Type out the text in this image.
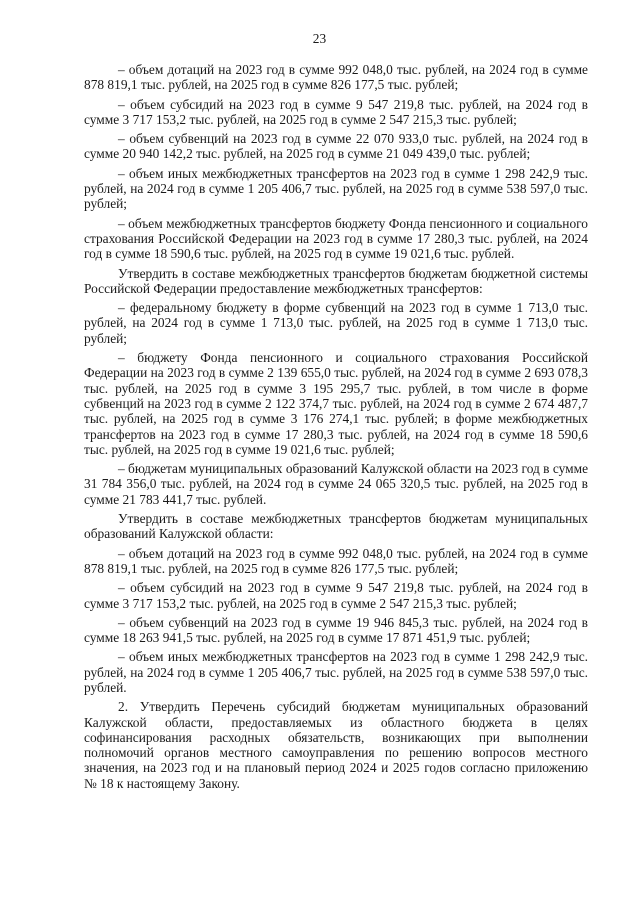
23

– объем дотаций на 2023 год в сумме 992 048,0 тыс. рублей, на 2024 год в сумме 878 819,1 тыс. рублей, на 2025 год в сумме 826 177,5 тыс. рублей;

– объем субсидий на 2023 год в сумме 9 547 219,8 тыс. рублей, на 2024 год в сумме 3 717 153,2 тыс. рублей, на 2025 год в сумме 2 547 215,3 тыс. рублей;

– объем субвенций на 2023 год в сумме 22 070 933,0 тыс. рублей, на 2024 год в сумме 20 940 142,2 тыс. рублей, на 2025 год в сумме 21 049 439,0 тыс. рублей;

– объем иных межбюджетных трансфертов на 2023 год в сумме 1 298 242,9 тыс. рублей, на 2024 год в сумме 1 205 406,7 тыс. рублей, на 2025 год в сумме 538 597,0 тыс. рублей;

– объем межбюджетных трансфертов бюджету Фонда пенсионного и социального страхования Российской Федерации на 2023 год в сумме 17 280,3 тыс. рублей, на 2024 год в сумме 18 590,6 тыс. рублей, на 2025 год в сумме 19 021,6 тыс. рублей.

Утвердить в составе межбюджетных трансфертов бюджетам бюджетной системы Российской Федерации предоставление межбюджетных трансфертов:

– федеральному бюджету в форме субвенций на 2023 год в сумме 1 713,0 тыс. рублей, на 2024 год в сумме 1 713,0 тыс. рублей, на 2025 год в сумме 1 713,0 тыс. рублей;

– бюджету Фонда пенсионного и социального страхования Российской Федерации на 2023 год в сумме 2 139 655,0 тыс. рублей, на 2024 год в сумме 2 693 078,3 тыс. рублей, на 2025 год в сумме 3 195 295,7 тыс. рублей, в том числе в форме субвенций на 2023 год в сумме 2 122 374,7 тыс. рублей, на 2024 год в сумме 2 674 487,7 тыс. рублей, на 2025 год в сумме 3 176 274,1 тыс. рублей; в форме межбюджетных трансфертов на 2023 год в сумме 17 280,3 тыс. рублей, на 2024 год в сумме 18 590,6 тыс. рублей, на 2025 год в сумме 19 021,6 тыс. рублей;

– бюджетам муниципальных образований Калужской области на 2023 год в сумме 31 784 356,0 тыс. рублей, на 2024 год в сумме 24 065 320,5 тыс. рублей, на 2025 год в сумме 21 783 441,7 тыс. рублей.

Утвердить в составе межбюджетных трансфертов бюджетам муниципальных образований Калужской области:

– объем дотаций на 2023 год в сумме 992 048,0 тыс. рублей, на 2024 год в сумме 878 819,1 тыс. рублей, на 2025 год в сумме 826 177,5 тыс. рублей;

– объем субсидий на 2023 год в сумме 9 547 219,8 тыс. рублей, на 2024 год в сумме 3 717 153,2 тыс. рублей, на 2025 год в сумме 2 547 215,3 тыс. рублей;

– объем субвенций на 2023 год в сумме 19 946 845,3 тыс. рублей, на 2024 год в сумме 18 263 941,5 тыс. рублей, на 2025 год в сумме 17 871 451,9 тыс. рублей;

– объем иных межбюджетных трансфертов на 2023 год в сумме 1 298 242,9 тыс. рублей, на 2024 год в сумме 1 205 406,7 тыс. рублей, на 2025 год в сумме 538 597,0 тыс. рублей.

2. Утвердить Перечень субсидий бюджетам муниципальных образований Калужской области, предоставляемых из областного бюджета в целях софинансирования расходных обязательств, возникающих при выполнении полномочий органов местного самоуправления по решению вопросов местного значения, на 2023 год и на плановый период 2024 и 2025 годов согласно приложению № 18 к настоящему Закону.
